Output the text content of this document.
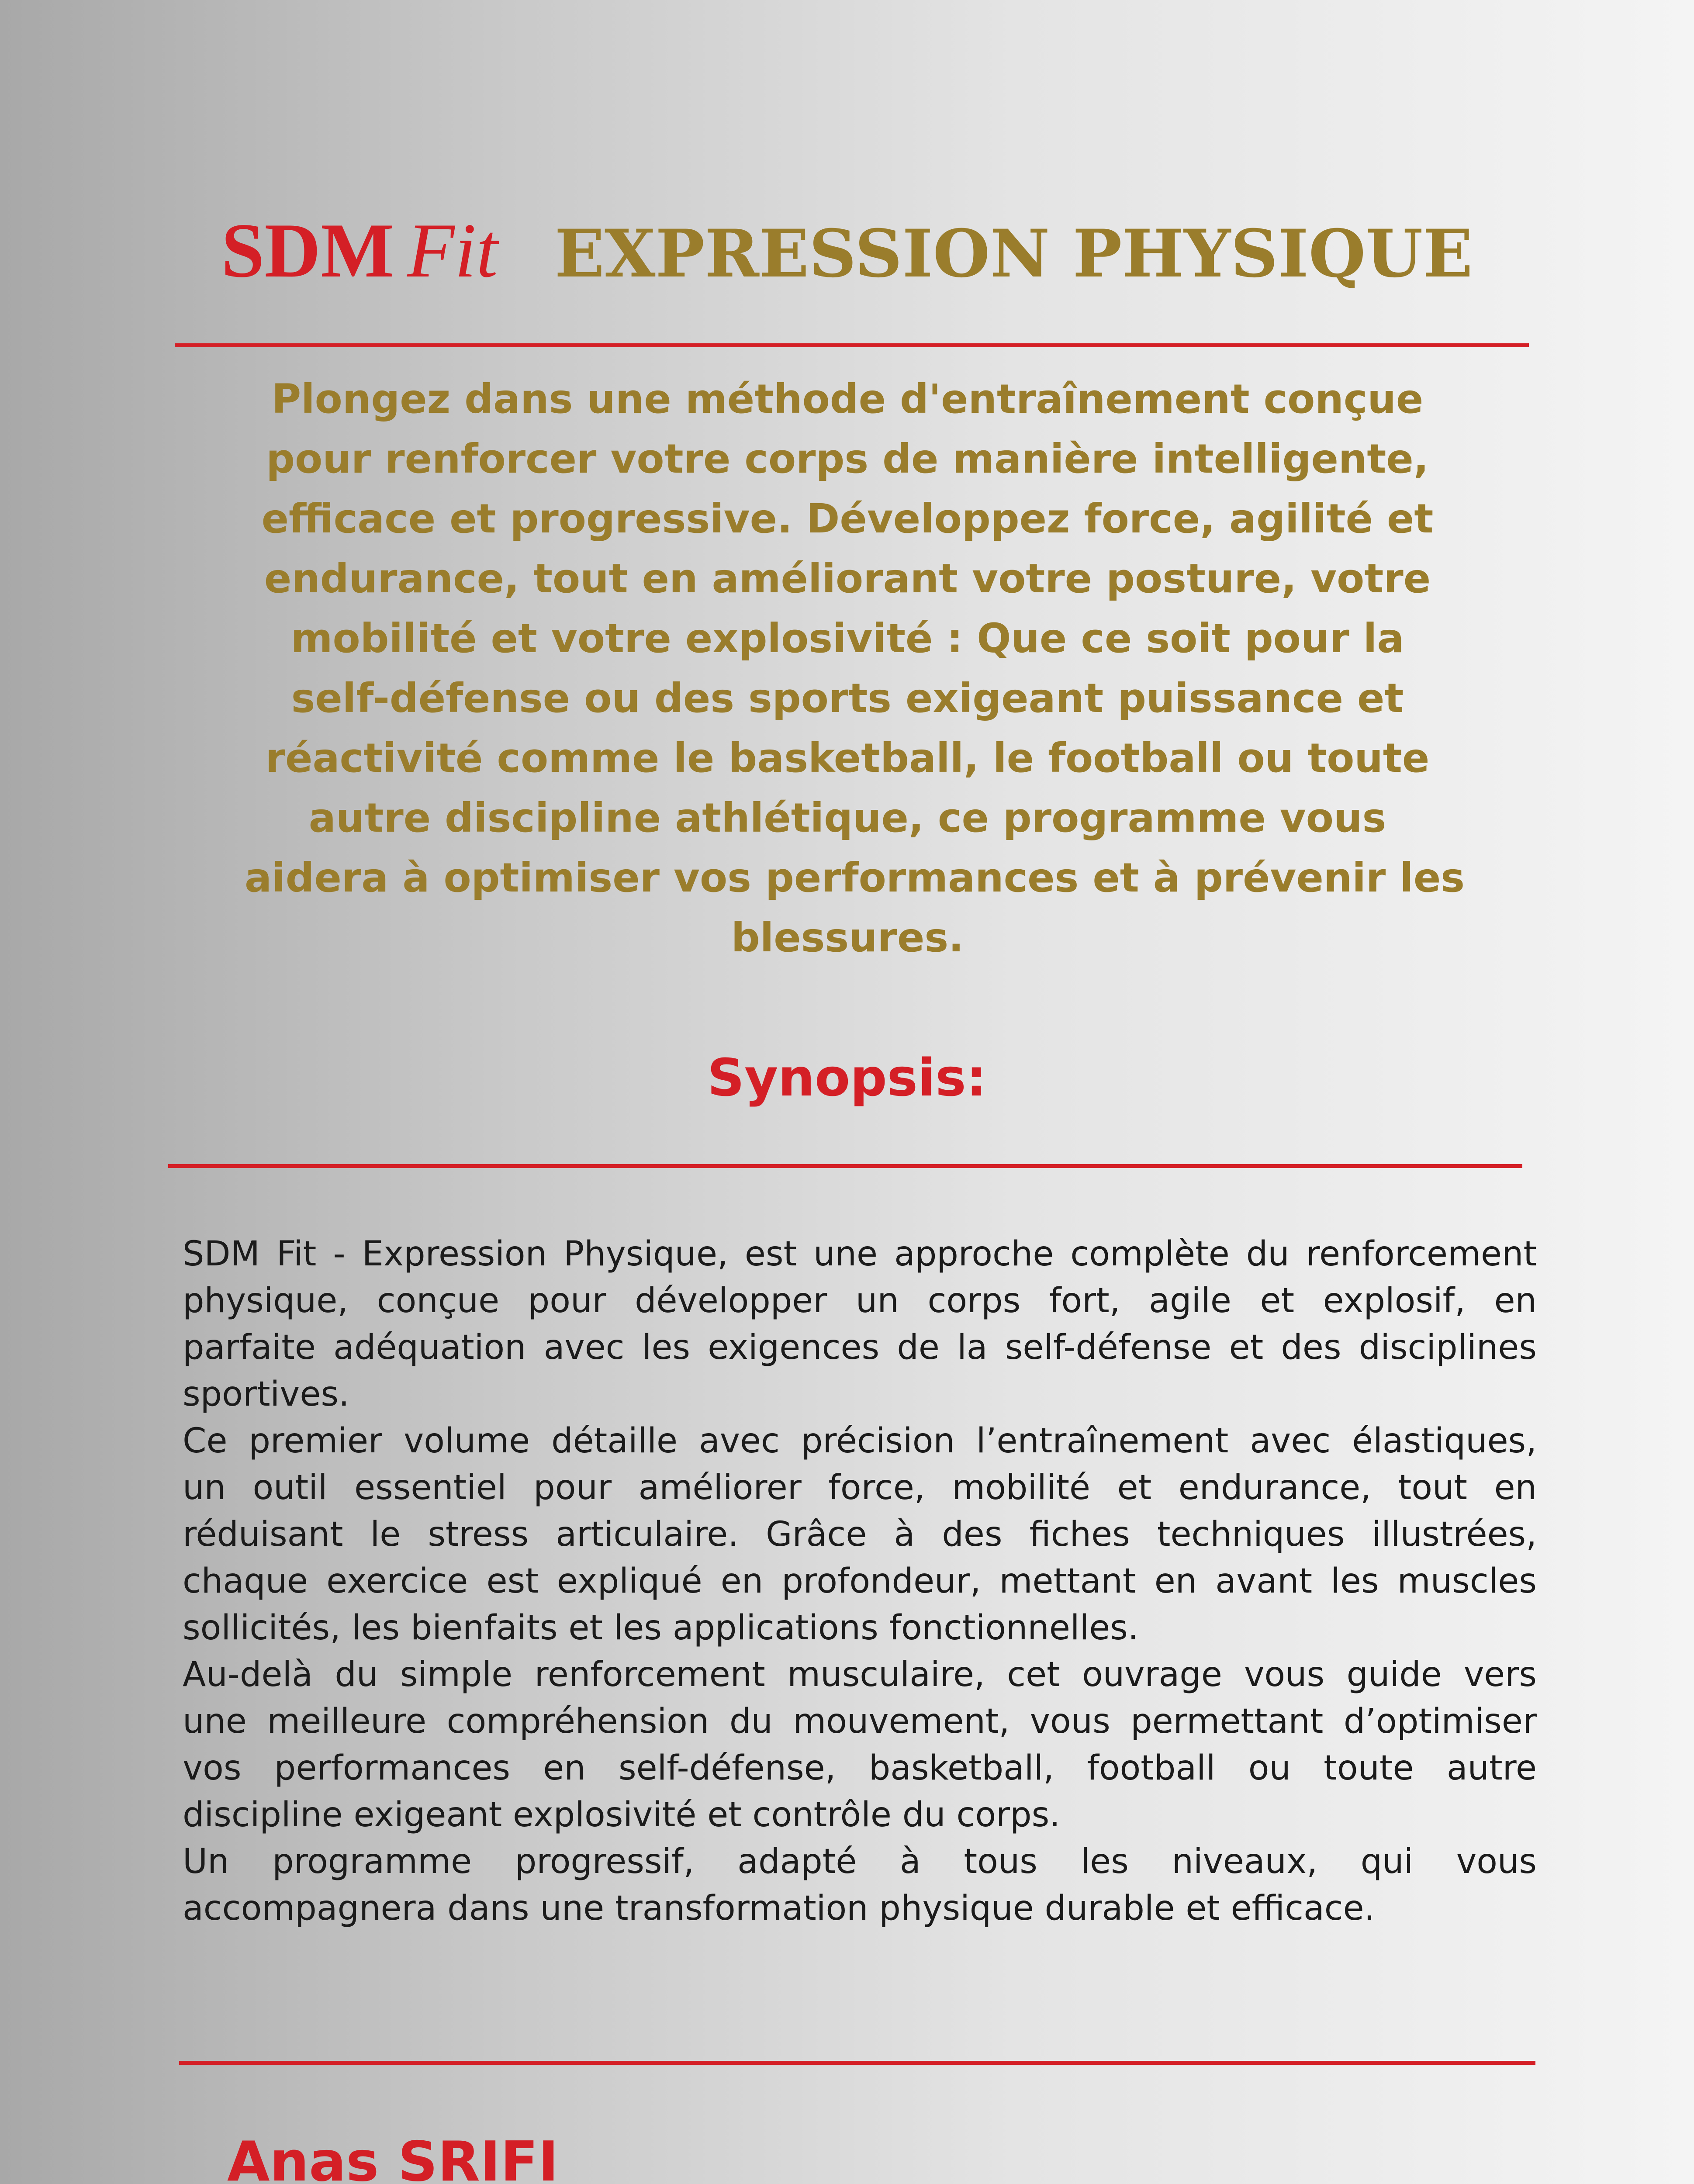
SDM Fit EXPRESSION PHYSIQUE
Plongez dans une méthode d'entraînement conçue
pour renforcer votre corps de manière intelligente,
efficace et progressive. Développez force, agilité et
endurance, tout en améliorant votre posture, votre
mobilité et votre explosivité : Que ce soit pour la
self-défense ou des sports exigeant puissance et
réactivité comme le basketball, le football ou toute
autre discipline athlétique, ce programme vous
aidera à optimiser vos performances et à prévenir les
blessures.
Synopsis:
SDM Fit - Expression Physique, est une approche complète du renforcement
physique, conçue pour développer un corps fort, agile et explosif, en
parfaite adéquation avec les exigences de la self-défense et des disciplines
sportives.
Ce premier volume détaille avec précision l’entraînement avec élastiques,
un outil essentiel pour améliorer force, mobilité et endurance, tout en
réduisant le stress articulaire. Grâce à des fiches techniques illustrées,
chaque exercice est expliqué en profondeur, mettant en avant les muscles
sollicités, les bienfaits et les applications fonctionnelles.
Au-delà du simple renforcement musculaire, cet ouvrage vous guide vers
une meilleure compréhension du mouvement, vous permettant d’optimiser
vos performances en self-défense, basketball, football ou toute autre
discipline exigeant explosivité et contrôle du corps.
Un programme progressif, adapté à tous les niveaux, qui vous
accompagnera dans une transformation physique durable et efficace.
Anas SRIFI
